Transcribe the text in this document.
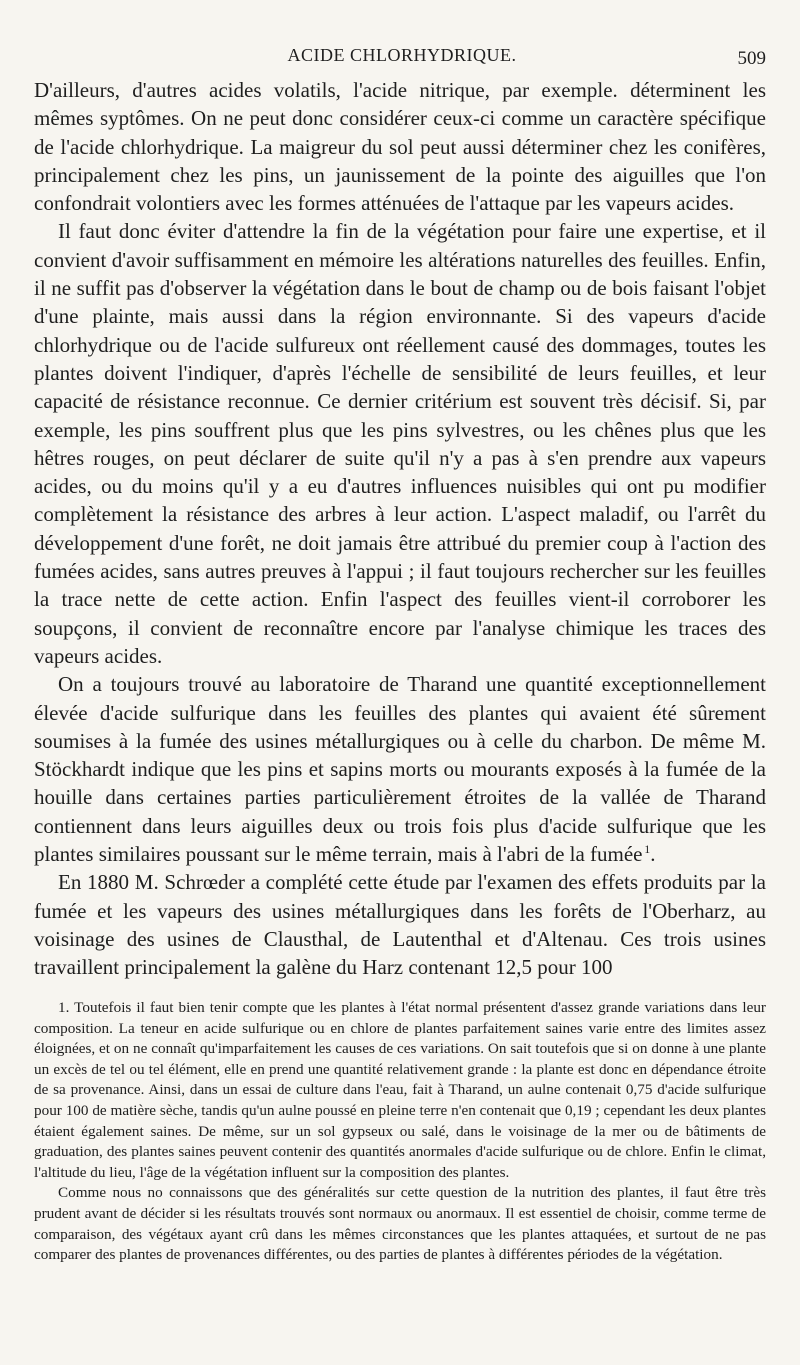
ACIDE CHLORHYDRIQUE.	509

D'ailleurs, d'autres acides volatils, l'acide nitrique, par exemple. déterminent les mêmes syptômes. On ne peut donc considérer ceux-ci comme un caractère spécifique de l'acide chlorhydrique. La maigreur du sol peut aussi déterminer chez les conifères, principalement chez les pins, un jaunissement de la pointe des aiguilles que l'on confondrait volontiers avec les formes atténuées de l'attaque par les vapeurs acides.

Il faut donc éviter d'attendre la fin de la végétation pour faire une expertise, et il convient d'avoir suffisamment en mémoire les altérations naturelles des feuilles. Enfin, il ne suffit pas d'observer la végétation dans le bout de champ ou de bois faisant l'objet d'une plainte, mais aussi dans la région environnante. Si des vapeurs d'acide chlorhydrique ou de l'acide sulfureux ont réellement causé des dommages, toutes les plantes doivent l'indiquer, d'après l'échelle de sensibilité de leurs feuilles, et leur capacité de résistance reconnue. Ce dernier critérium est souvent très décisif. Si, par exemple, les pins souffrent plus que les pins sylvestres, ou les chênes plus que les hêtres rouges, on peut déclarer de suite qu'il n'y a pas à s'en prendre aux vapeurs acides, ou du moins qu'il y a eu d'autres influences nuisibles qui ont pu modifier complètement la résistance des arbres à leur action. L'aspect maladif, ou l'arrêt du développement d'une forêt, ne doit jamais être attribué du premier coup à l'action des fumées acides, sans autres preuves à l'appui ; il faut toujours rechercher sur les feuilles la trace nette de cette action. Enfin l'aspect des feuilles vient-il corroborer les soupçons, il convient de reconnaître encore par l'analyse chimique les traces des vapeurs acides.

On a toujours trouvé au laboratoire de Tharand une quantité exceptionnellement élevée d'acide sulfurique dans les feuilles des plantes qui avaient été sûrement soumises à la fumée des usines métallurgiques ou à celle du charbon. De même M. Stöckhardt indique que les pins et sapins morts ou mourants exposés à la fumée de la houille dans certaines parties particulièrement étroites de la vallée de Tharand contiennent dans leurs aiguilles deux ou trois fois plus d'acide sulfurique que les plantes similaires poussant sur le même terrain, mais à l'abri de la fumée  $^1$.

En 1880 M. Schrœder a complété cette étude par l'examen des effets produits par la fumée et les vapeurs des usines métallurgiques dans les forêts de l'Oberharz, au voisinage des usines de Clausthal, de Lautenthal et d'Altenau. Ces trois usines travaillent principalement la galène du Harz contenant 12,5 pour 100

1. Toutefois il faut bien tenir compte que les plantes à l'état normal présentent d'assez grande variations dans leur composition. La teneur en acide sulfurique ou en chlore de plantes parfaitement saines varie entre des limites assez éloignées, et on ne connaît qu'imparfaitement les causes de ces variations. On sait toutefois que si on donne à une plante un excès de tel ou tel élément, elle en prend une quantité relativement grande : la plante est donc en dépendance étroite de sa provenance. Ainsi, dans un essai de culture dans l'eau, fait à Tharand, un aulne contenait 0,75 d'acide sulfurique pour 100 de matière sèche, tandis qu'un aulne poussé en pleine terre n'en contenait que 0,19 ; cependant les deux plantes étaient également saines. De même, sur un sol gypseux ou salé, dans le voisinage de la mer ou de bâtiments de graduation, des plantes saines peuvent contenir des quantités anormales d'acide sulfurique ou de chlore. Enfin le climat, l'altitude du lieu, l'âge de la végétation influent sur la composition des plantes.

Comme nous no connaissons que des généralités sur cette question de la nutrition des plantes, il faut être très prudent avant de décider si les résultats trouvés sont normaux ou anormaux. Il est essentiel de choisir, comme terme de comparaison, des végétaux ayant crû dans les mêmes circonstances que les plantes attaquées, et surtout de ne pas comparer des plantes de provenances différentes, ou des parties de plantes à différentes périodes de la végétation.
